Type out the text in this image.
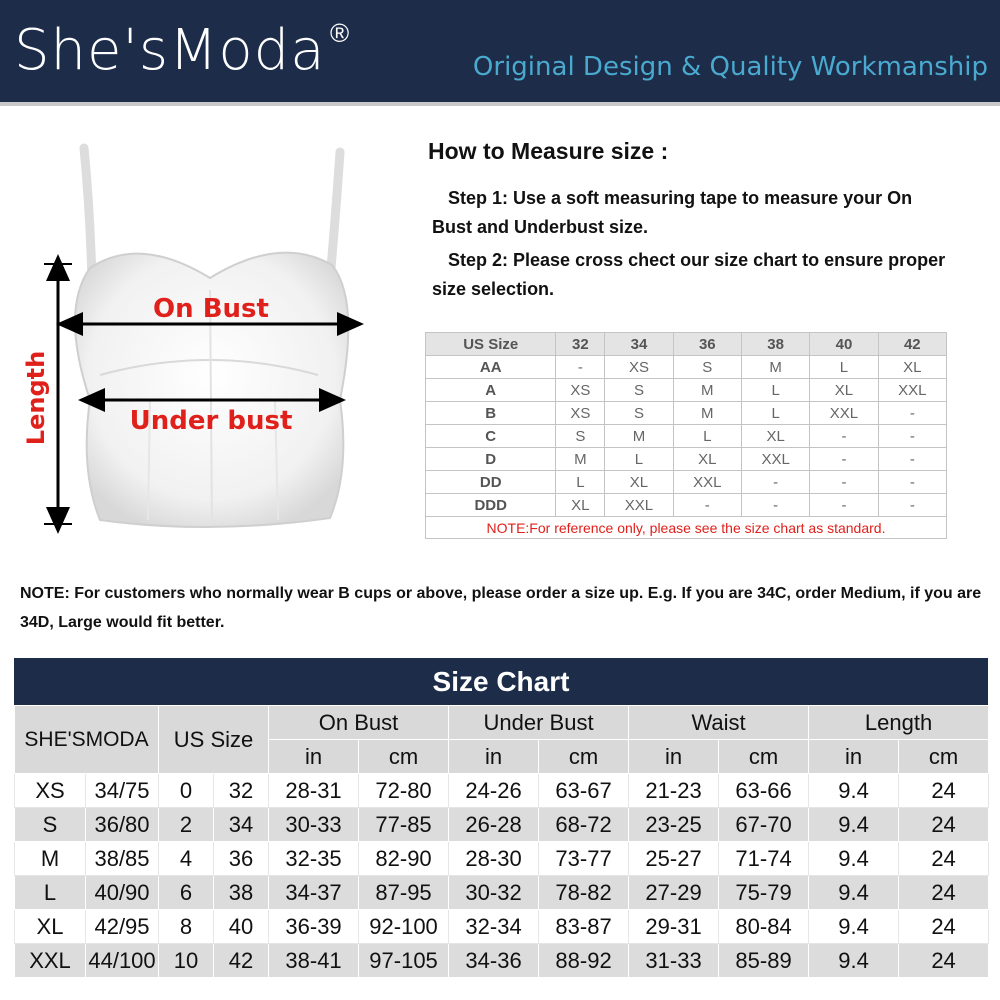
She'sModa ®
Original Design & Quality Workmanship
On Bust
Under bust
Length
How to Measure size :
Step 1: Use a soft measuring tape to measure your On Bust and Underbust size.
Step 2: Please cross chect our size chart to ensure proper size selection.
US Size	32	34	36	38	40	42
AA	-	XS	S	M	L	XL
A	XS	S	M	L	XL	XXL
B	XS	S	M	L	XXL	-
C	S	M	L	XL	-	-
D	M	L	XL	XXL	-	-
DD	L	XL	XXL	-	-	-
DDD	XL	XXL	-	-	-	-
NOTE:For reference only, please see the size chart as standard.						
NOTE: For customers who normally wear B cups or above, please order a size up. E.g. If you are 34C, order Medium, if you are 34D, Large would fit better.
Size Chart
SHE'SMODA		US Size		On Bust		Under Bust		Waist		Length	
				in	cm	in	cm	in	cm	in	cm
XS	34/75	0	32	28-31	72-80	24-26	63-67	21-23	63-66	9.4	24
S	36/80	2	34	30-33	77-85	26-28	68-72	23-25	67-70	9.4	24
M	38/85	4	36	32-35	82-90	28-30	73-77	25-27	71-74	9.4	24
L	40/90	6	38	34-37	87-95	30-32	78-82	27-29	75-79	9.4	24
XL	42/95	8	40	36-39	92-100	32-34	83-87	29-31	80-84	9.4	24
XXL	44/100	10	42	38-41	97-105	34-36	88-92	31-33	85-89	9.4	24
